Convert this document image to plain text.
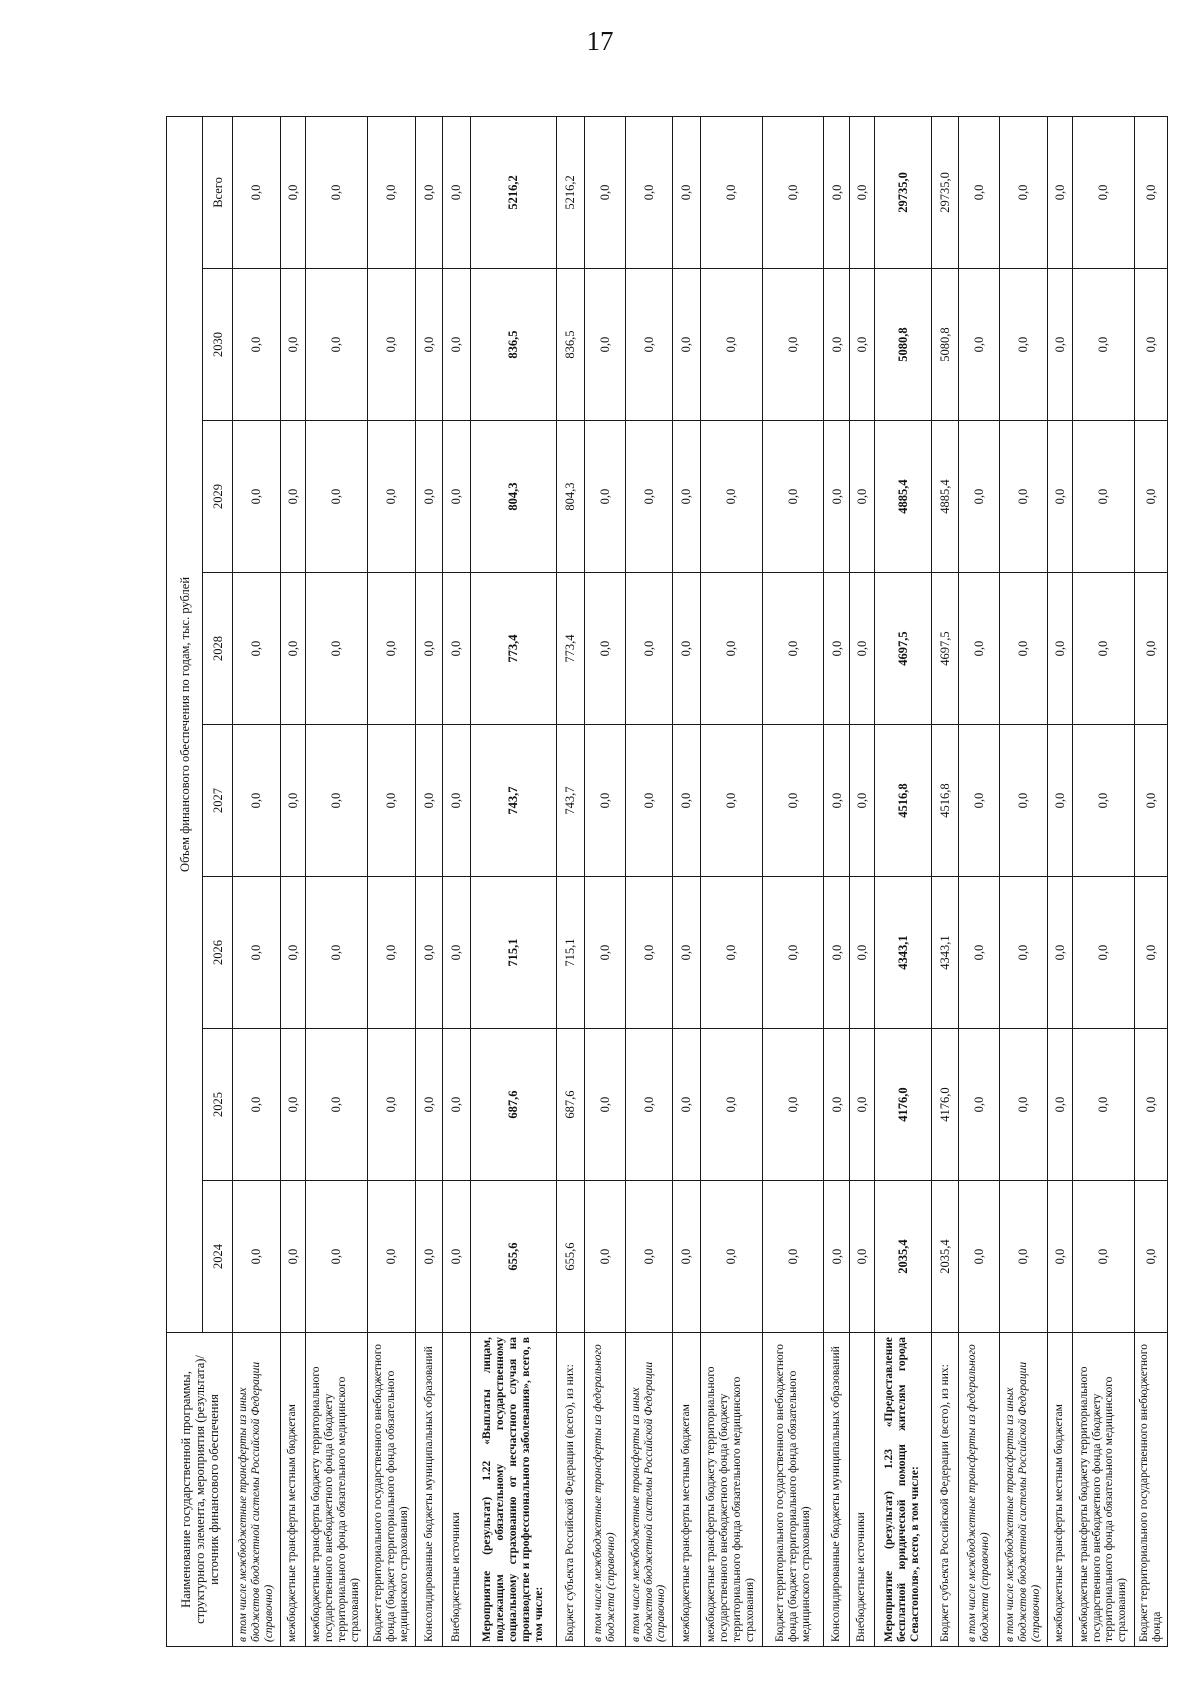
17
Наименование государственной программы, структурного элемента, мероприятия (результата)/источник финансового обеспечения	Объем финансового обеспечения по годам, тыс. рублей							
	2024	2025	2026	2027	2028	2029	2030	Всего
в том числе межбюджетные трансферты из иных бюджетов бюджетной системы Российской Федерации (справочно)	0,0	0,0	0,0	0,0	0,0	0,0	0,0	0,0
межбюджетные трансферты местным бюджетам	0,0	0,0	0,0	0,0	0,0	0,0	0,0	0,0
межбюджетные трансферты бюджету территориального государственного внебюджетного фонда (бюджету территориального фонда обязательного медицинского страхования)	0,0	0,0	0,0	0,0	0,0	0,0	0,0	0,0
Бюджет территориального государственного внебюджетного фонда (бюджет территориального фонда обязательного медицинского страхования)	0,0	0,0	0,0	0,0	0,0	0,0	0,0	0,0
Консолидированные бюджеты муниципальных образований	0,0	0,0	0,0	0,0	0,0	0,0	0,0	0,0
Внебюджетные источники	0,0	0,0	0,0	0,0	0,0	0,0	0,0	0,0
Мероприятие (результат) 1.22 «Выплаты лицам, подлежащим обязательному государственному социальному страхованию от несчастного случая на производстве и профессионального заболевания», всего, в том числе:	655,6	687,6	715,1	743,7	773,4	804,3	836,5	5216,2
Бюджет субъекта Российской Федерации (всего), из них:	655,6	687,6	715,1	743,7	773,4	804,3	836,5	5216,2
в том числе межбюджетные трансферты из федерального бюджета (справочно)	0,0	0,0	0,0	0,0	0,0	0,0	0,0	0,0
в том числе межбюджетные трансферты из иных бюджетов бюджетной системы Российской Федерации (справочно)	0,0	0,0	0,0	0,0	0,0	0,0	0,0	0,0
межбюджетные трансферты местным бюджетам	0,0	0,0	0,0	0,0	0,0	0,0	0,0	0,0
межбюджетные трансферты бюджету территориального государственного внебюджетного фонда (бюджету территориального фонда обязательного медицинского страхования)	0,0	0,0	0,0	0,0	0,0	0,0	0,0	0,0
Бюджет территориального государственного внебюджетного фонда (бюджет территориального фонда обязательного медицинского страхования)	0,0	0,0	0,0	0,0	0,0	0,0	0,0	0,0
Консолидированные бюджеты муниципальных образований	0,0	0,0	0,0	0,0	0,0	0,0	0,0	0,0
Внебюджетные источники	0,0	0,0	0,0	0,0	0,0	0,0	0,0	0,0
Мероприятие (результат) 1.23 «Предоставление бесплатной юридической помощи жителям города Севастополя», всего, в том числе:	2035,4	4176,0	4343,1	4516,8	4697,5	4885,4	5080,8	29735,0
Бюджет субъекта Российской Федерации (всего), из них:	2035,4	4176,0	4343,1	4516,8	4697,5	4885,4	5080,8	29735,0
в том числе межбюджетные трансферты из федерального бюджета (справочно)	0,0	0,0	0,0	0,0	0,0	0,0	0,0	0,0
в том числе межбюджетные трансферты из иных бюджетов бюджетной системы Российской Федерации (справочно)	0,0	0,0	0,0	0,0	0,0	0,0	0,0	0,0
межбюджетные трансферты местным бюджетам	0,0	0,0	0,0	0,0	0,0	0,0	0,0	0,0
межбюджетные трансферты бюджету территориального государственного внебюджетного фонда (бюджету территориального фонда обязательного медицинского страхования)	0,0	0,0	0,0	0,0	0,0	0,0	0,0	0,0
Бюджет территориального государственного внебюджетного фонда	0,0	0,0	0,0	0,0	0,0	0,0	0,0	0,0
